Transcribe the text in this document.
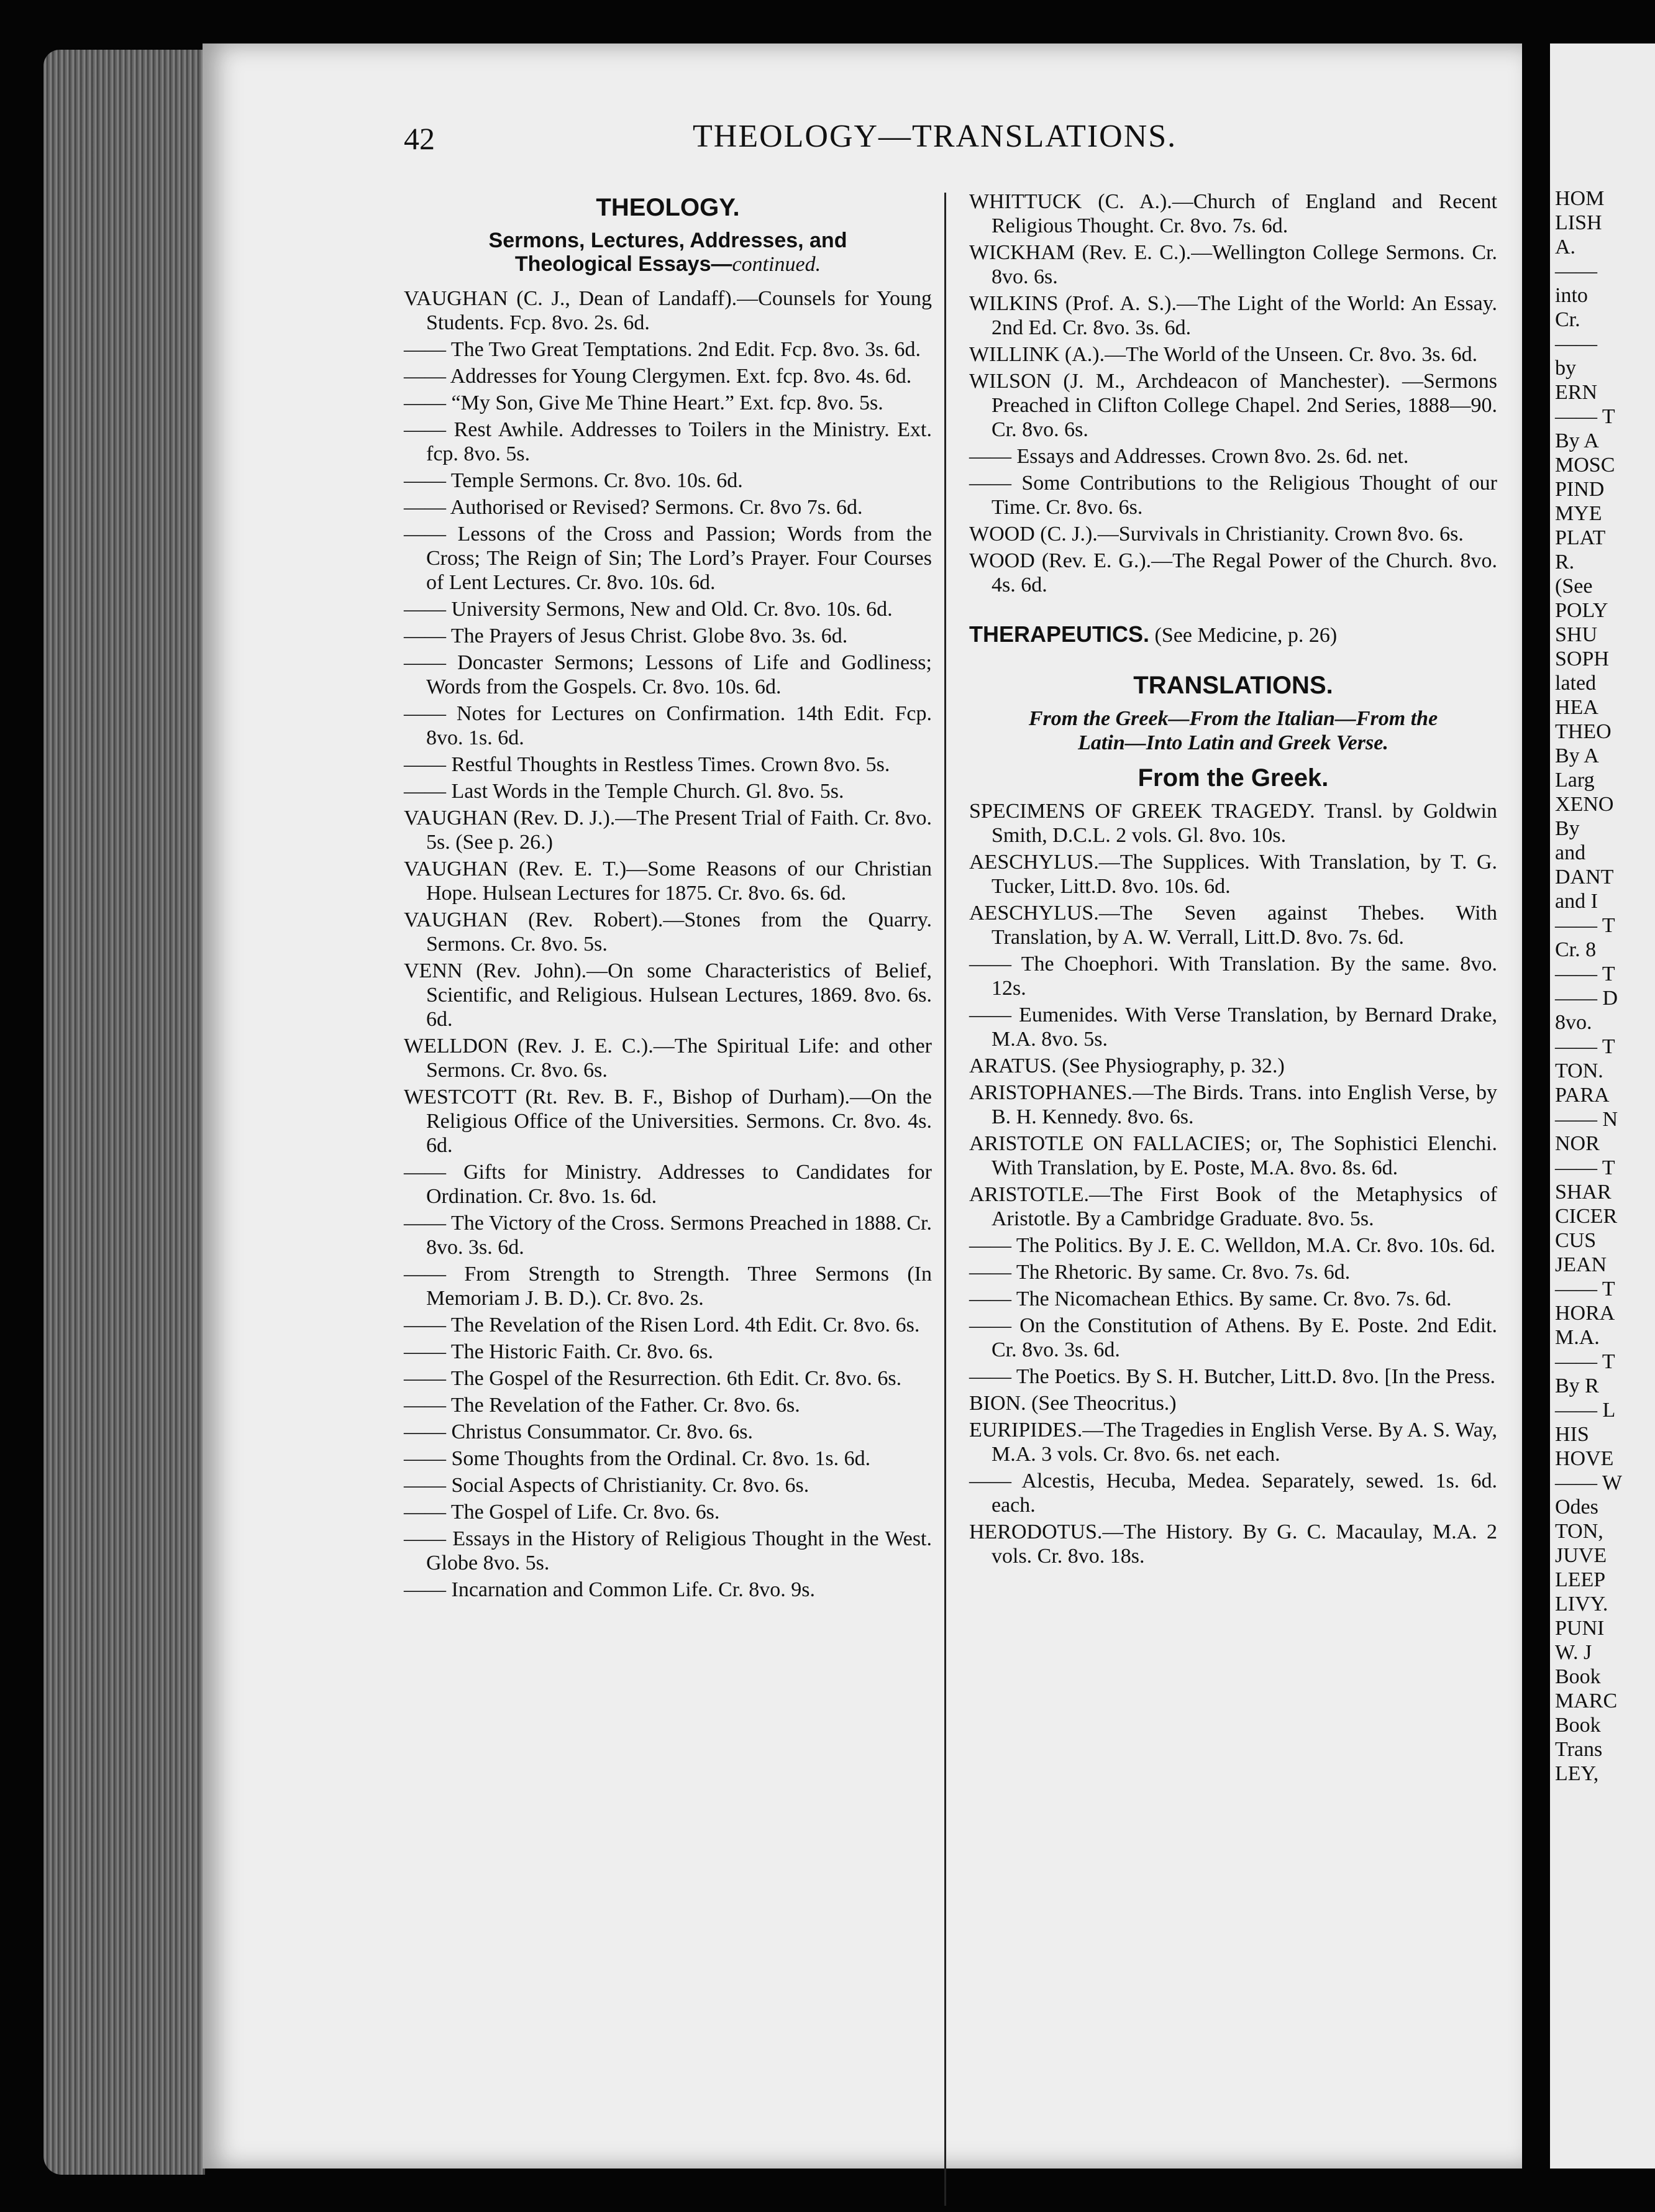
42	THEOLOGY—TRANSLATIONS.
THEOLOGY.
Sermons, Lectures, Addresses, and
Theological Essays—continued.
VAUGHAN (C. J., Dean of Landaff).—Counsels for Young Students. Fcp. 8vo. 2s. 6d.
—— The Two Great Temptations. 2nd Edit. Fcp. 8vo. 3s. 6d.
—— Addresses for Young Clergymen. Ext. fcp. 8vo. 4s. 6d.
—— “My Son, Give Me Thine Heart.” Ext. fcp. 8vo. 5s.
—— Rest Awhile. Addresses to Toilers in the Ministry. Ext. fcp. 8vo. 5s.
—— Temple Sermons. Cr. 8vo. 10s. 6d.
—— Authorised or Revised? Sermons. Cr. 8vo 7s. 6d.
—— Lessons of the Cross and Passion; Words from the Cross; The Reign of Sin; The Lord’s Prayer. Four Courses of Lent Lectures. Cr. 8vo. 10s. 6d.
—— University Sermons, New and Old. Cr. 8vo. 10s. 6d.
—— The Prayers of Jesus Christ. Globe 8vo. 3s. 6d.
—— Doncaster Sermons; Lessons of Life and Godliness; Words from the Gospels. Cr. 8vo. 10s. 6d.
—— Notes for Lectures on Confirmation. 14th Edit. Fcp. 8vo. 1s. 6d.
—— Restful Thoughts in Restless Times. Crown 8vo. 5s.
—— Last Words in the Temple Church. Gl. 8vo. 5s.
VAUGHAN (Rev. D. J.).—The Present Trial of Faith. Cr. 8vo. 5s. (See p. 26.)
VAUGHAN (Rev. E. T.)—Some Reasons of our Christian Hope. Hulsean Lectures for 1875. Cr. 8vo. 6s. 6d.
VAUGHAN (Rev. Robert).—Stones from the Quarry. Sermons. Cr. 8vo. 5s.
VENN (Rev. John).—On some Characteristics of Belief, Scientific, and Religious. Hulsean Lectures, 1869. 8vo. 6s. 6d.
WELLDON (Rev. J. E. C.).—The Spiritual Life: and other Sermons. Cr. 8vo. 6s.
WESTCOTT (Rt. Rev. B. F., Bishop of Durham).—On the Religious Office of the Universities. Sermons. Cr. 8vo. 4s. 6d.
—— Gifts for Ministry. Addresses to Candidates for Ordination. Cr. 8vo. 1s. 6d.
—— The Victory of the Cross. Sermons Preached in 1888. Cr. 8vo. 3s. 6d.
—— From Strength to Strength. Three Sermons (In Memoriam J. B. D.). Cr. 8vo. 2s.
—— The Revelation of the Risen Lord. 4th Edit. Cr. 8vo. 6s.
—— The Historic Faith. Cr. 8vo. 6s.
—— The Gospel of the Resurrection. 6th Edit. Cr. 8vo. 6s.
—— The Revelation of the Father. Cr. 8vo. 6s.
—— Christus Consummator. Cr. 8vo. 6s.
—— Some Thoughts from the Ordinal. Cr. 8vo. 1s. 6d.
—— Social Aspects of Christianity. Cr. 8vo. 6s.
—— The Gospel of Life. Cr. 8vo. 6s.
—— Essays in the History of Religious Thought in the West. Globe 8vo. 5s.
—— Incarnation and Common Life. Cr. 8vo. 9s.
WHITTUCK (C. A.).—Church of England and Recent Religious Thought. Cr. 8vo. 7s. 6d.
WICKHAM (Rev. E. C.).—Wellington College Sermons. Cr. 8vo. 6s.
WILKINS (Prof. A. S.).—The Light of the World: An Essay. 2nd Ed. Cr. 8vo. 3s. 6d.
WILLINK (A.).—The World of the Unseen. Cr. 8vo. 3s. 6d.
WILSON (J. M., Archdeacon of Manchester). —Sermons Preached in Clifton College Chapel. 2nd Series, 1888—90. Cr. 8vo. 6s.
—— Essays and Addresses. Crown 8vo. 2s. 6d. net.
—— Some Contributions to the Religious Thought of our Time. Cr. 8vo. 6s.
WOOD (C. J.).—Survivals in Christianity. Crown 8vo. 6s.
WOOD (Rev. E. G.).—The Regal Power of the Church. 8vo. 4s. 6d.
THERAPEUTICS. (See Medicine, p. 26)
TRANSLATIONS.
From the Greek—From the Italian—From the
Latin—Into Latin and Greek Verse.
From the Greek.
SPECIMENS OF GREEK TRAGEDY. Transl. by Goldwin Smith, D.C.L. 2 vols. Gl. 8vo. 10s.
AESCHYLUS.—The Supplices. With Translation, by T. G. Tucker, Litt.D. 8vo. 10s. 6d.
AESCHYLUS.—The Seven against Thebes. With Translation, by A. W. Verrall, Litt.D. 8vo. 7s. 6d.
—— The Choephori. With Translation. By the same. 8vo. 12s.
—— Eumenides. With Verse Translation, by Bernard Drake, M.A. 8vo. 5s.
ARATUS. (See Physiography, p. 32.)
ARISTOPHANES.—The Birds. Trans. into English Verse, by B. H. Kennedy. 8vo. 6s.
ARISTOTLE ON FALLACIES; or, The Sophistici Elenchi. With Translation, by E. Poste, M.A. 8vo. 8s. 6d.
ARISTOTLE.—The First Book of the Metaphysics of Aristotle. By a Cambridge Graduate. 8vo. 5s.
—— The Politics. By J. E. C. Welldon, M.A. Cr. 8vo. 10s. 6d.
—— The Rhetoric. By same. Cr. 8vo. 7s. 6d.
—— The Nicomachean Ethics. By same. Cr. 8vo. 7s. 6d.
—— On the Constitution of Athens. By E. Poste. 2nd Edit. Cr. 8vo. 3s. 6d.
—— The Poetics. By S. H. Butcher, Litt.D. 8vo. [In the Press.
BION. (See Theocritus.)
EURIPIDES.—The Tragedies in English Verse. By A. S. Way, M.A. 3 vols. Cr. 8vo. 6s. net each.
—— Alcestis, Hecuba, Medea. Separately, sewed. 1s. 6d. each.
HERODOTUS.—The History. By G. C. Macaulay, M.A. 2 vols. Cr. 8vo. 18s.
HOM
LISH
A.
——
into
Cr.
——
by
ERN
—— T
By A
MOSC
PIND
MYE
PLAT
R.
(See
POLY
SHU
SOPH
lated
HEA
THEO
By A
Larg
XENO
By
and
DANT
and I
—— T
Cr. 8
—— T
—— D
8vo.
—— T
TON.
PARA
—— N
NOR
—— T
SHAR
CICER
CUS
JEAN
—— T
HORA
M.A.
—— T
By R
—— L
HIS
HOVE
—— W
Odes
TON,
JUVE
LEEP
LIVY.
PUNI
W. J
Book
MARC
Book
Trans
LEY,
